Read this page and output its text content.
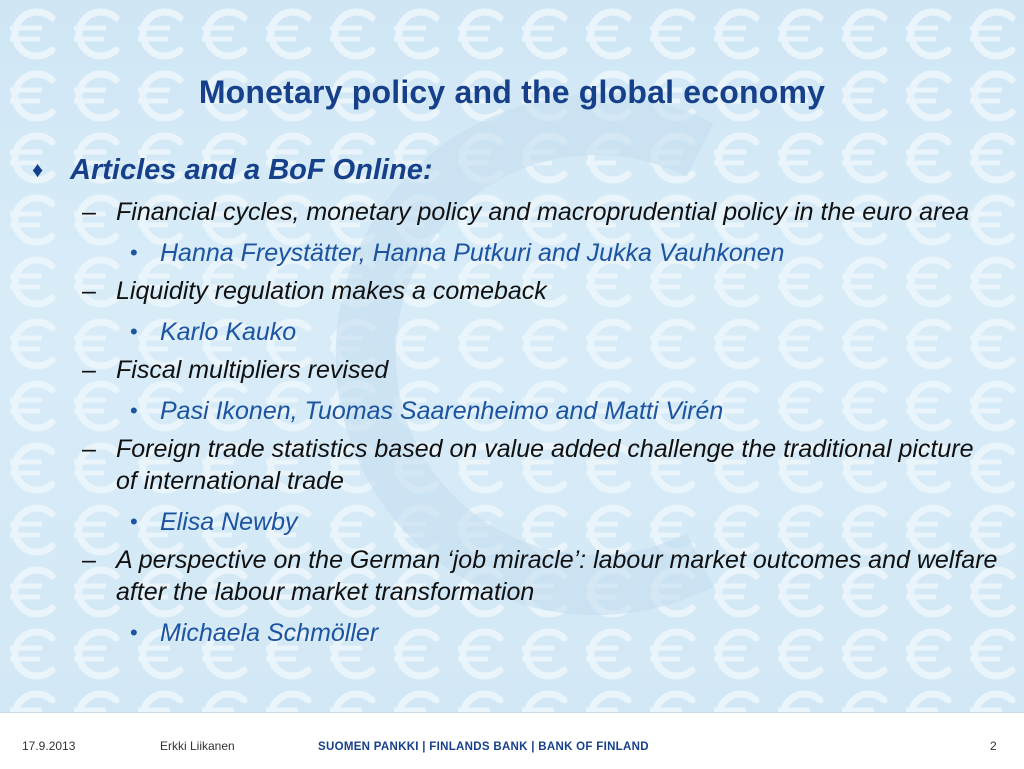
Monetary policy and the global economy
♦ Articles and a BoF Online:
– Financial cycles, monetary policy and macroprudential policy in the euro area
• Hanna Freystätter, Hanna Putkuri and Jukka Vauhkonen
– Liquidity regulation makes a comeback
• Karlo Kauko
– Fiscal multipliers revised
• Pasi Ikonen, Tuomas Saarenheimo and Matti Virén
– Foreign trade statistics based on value added challenge the traditional picture of international trade
• Elisa Newby
– A perspective on the German ‘job miracle’: labour market outcomes and welfare after the labour market transformation
• Michaela Schmöller
17.9.2013	Erkki Liikanen	SUOMEN PANKKI | FINLANDS BANK | BANK OF FINLAND	2
